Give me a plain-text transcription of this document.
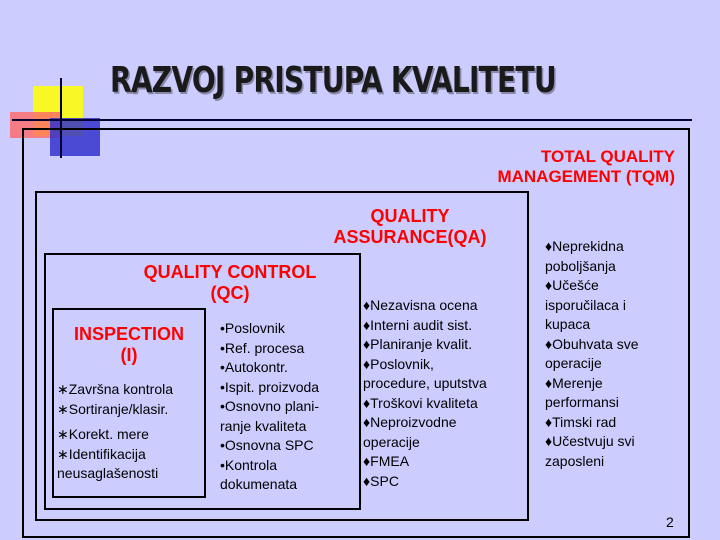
RAZVOJ PRISTUPA KVALITETU
TOTAL QUALITY
MANAGEMENT (TQM)
QUALITY
ASSURANCE(QA)
QUALITY CONTROL
(QC)
INSPECTION
(I)
∗Završna kontrola
∗Sortiranje/klasir.
∗Korekt. mere
∗Identifikacija
neusaglašenosti
•Poslovnik
•Ref. procesa
•Autokontr.
•Ispit. proizvoda
•Osnovno plani-
ranje kvaliteta
•Osnovna SPC
•Kontrola
dokumenata
♦Nezavisna ocena
♦Interni audit sist.
♦Planiranje kvalit.
♦Poslovnik,
procedure, uputstva
♦Troškovi kvaliteta
♦Neproizvodne
operacije
♦FMEA
♦SPC
♦Neprekidna
poboljšanja
♦Učešće
isporučilaca i
kupaca
♦Obuhvata sve
operacije
♦Merenje
performansi
♦Timski rad
♦Učestvuju svi
zaposleni
2
